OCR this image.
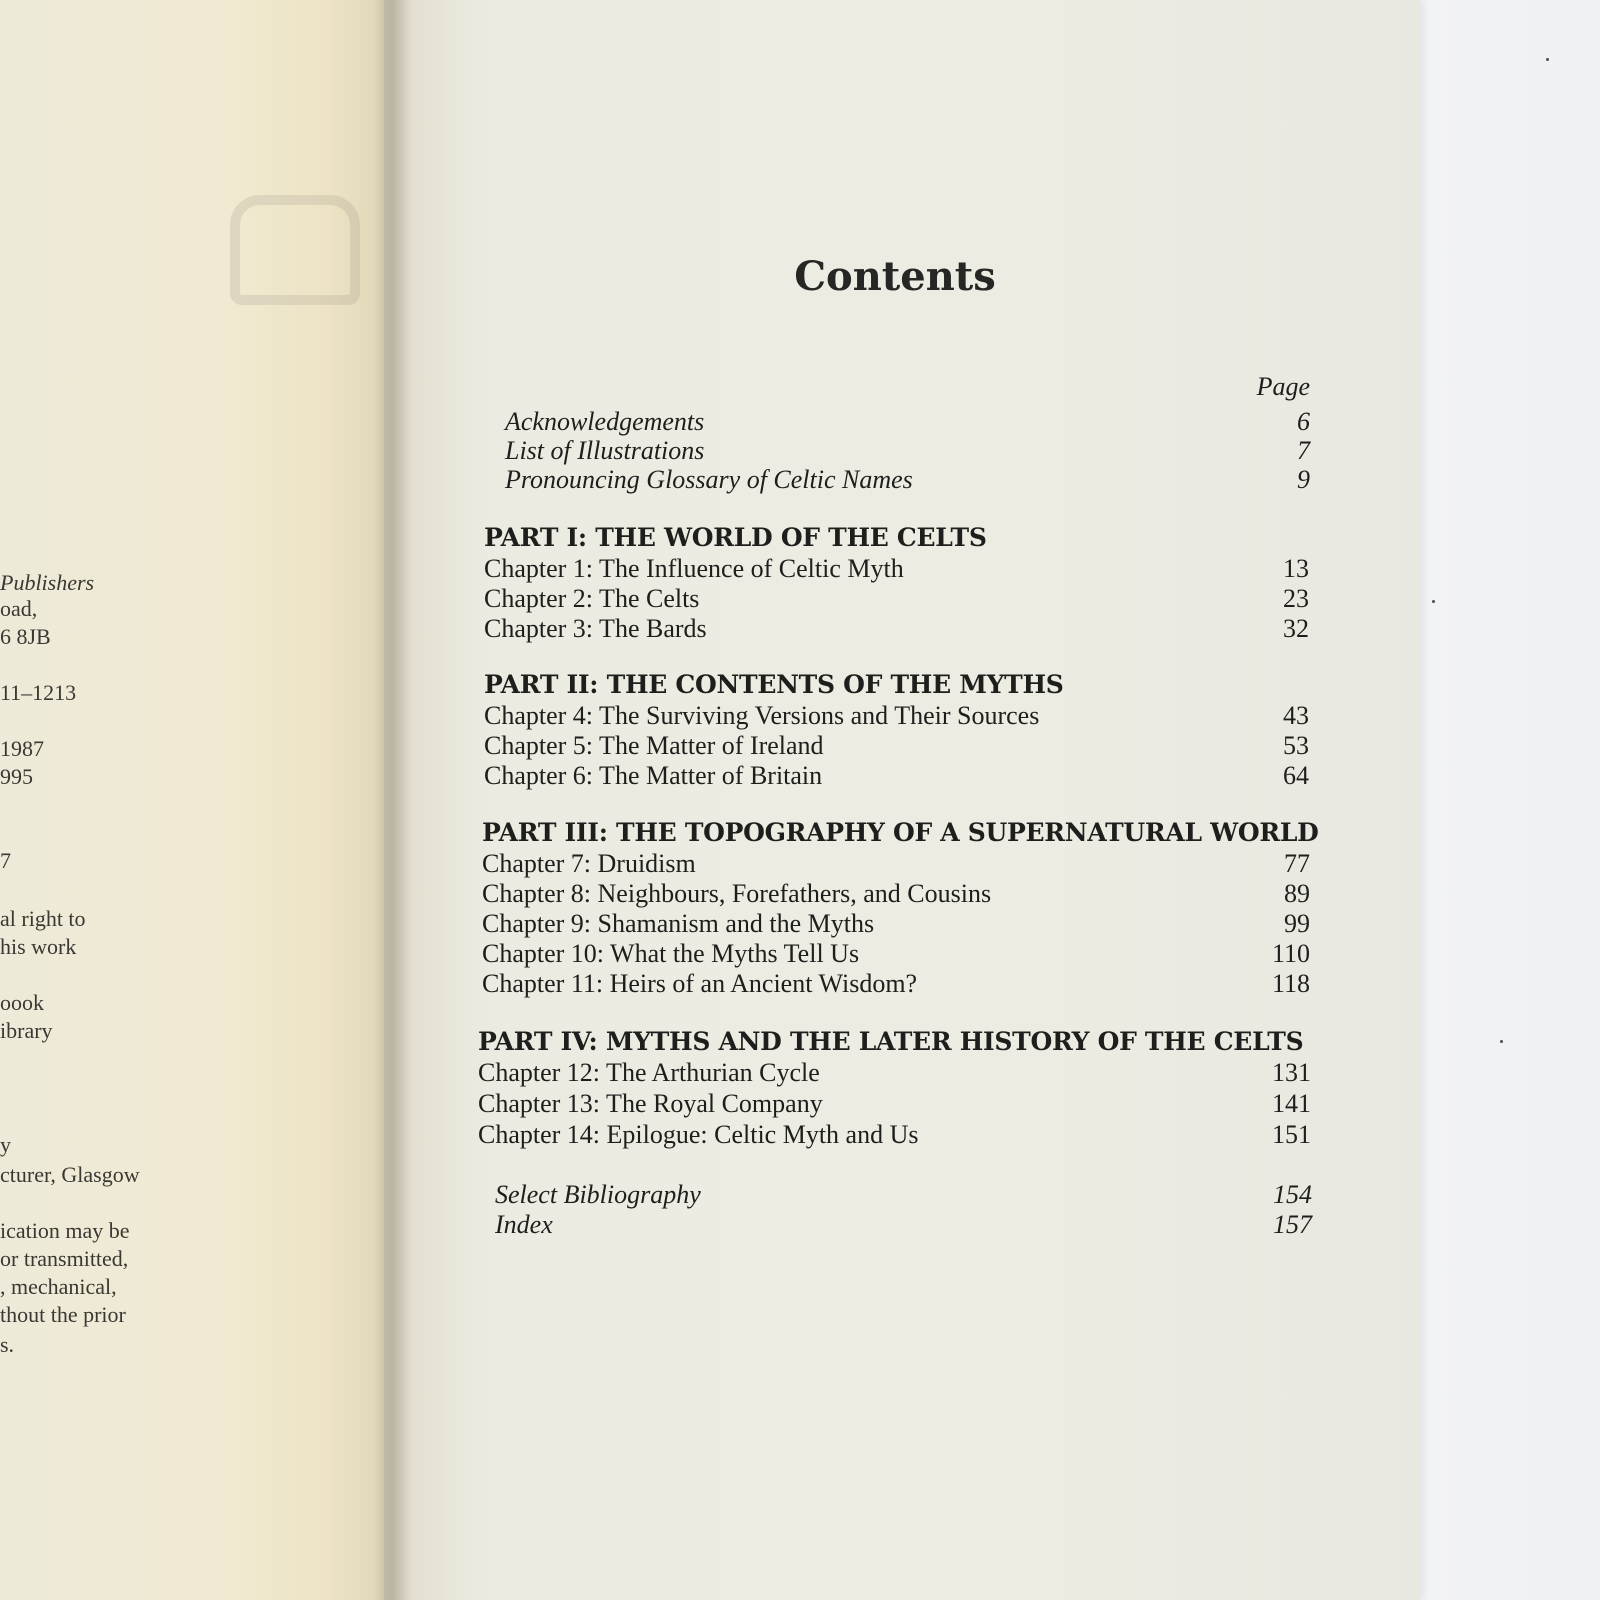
Publishers
oad,
6 8JB
11–1213
1987
995
7
al right to
his work
oook
ibrary
y
cturer, Glasgow
ication may be
or transmitted,
, mechanical,
thout the prior
s.
Contents
Page
Acknowledgements	6
List of Illustrations	7
Pronouncing Glossary of Celtic Names	9
PART I: THE WORLD OF THE CELTS
Chapter 1: The Influence of Celtic Myth	13
Chapter 2: The Celts	23
Chapter 3: The Bards	32
PART II: THE CONTENTS OF THE MYTHS
Chapter 4: The Surviving Versions and Their Sources	43
Chapter 5: The Matter of Ireland	53
Chapter 6: The Matter of Britain	64
PART III: THE TOPOGRAPHY OF A SUPERNATURAL WORLD
Chapter 7: Druidism	77
Chapter 8: Neighbours, Forefathers, and Cousins	89
Chapter 9: Shamanism and the Myths	99
Chapter 10: What the Myths Tell Us	110
Chapter 11: Heirs of an Ancient Wisdom?	118
PART IV: MYTHS AND THE LATER HISTORY OF THE CELTS
Chapter 12: The Arthurian Cycle	131
Chapter 13: The Royal Company	141
Chapter 14: Epilogue: Celtic Myth and Us	151
Select Bibliography	154
Index	157
